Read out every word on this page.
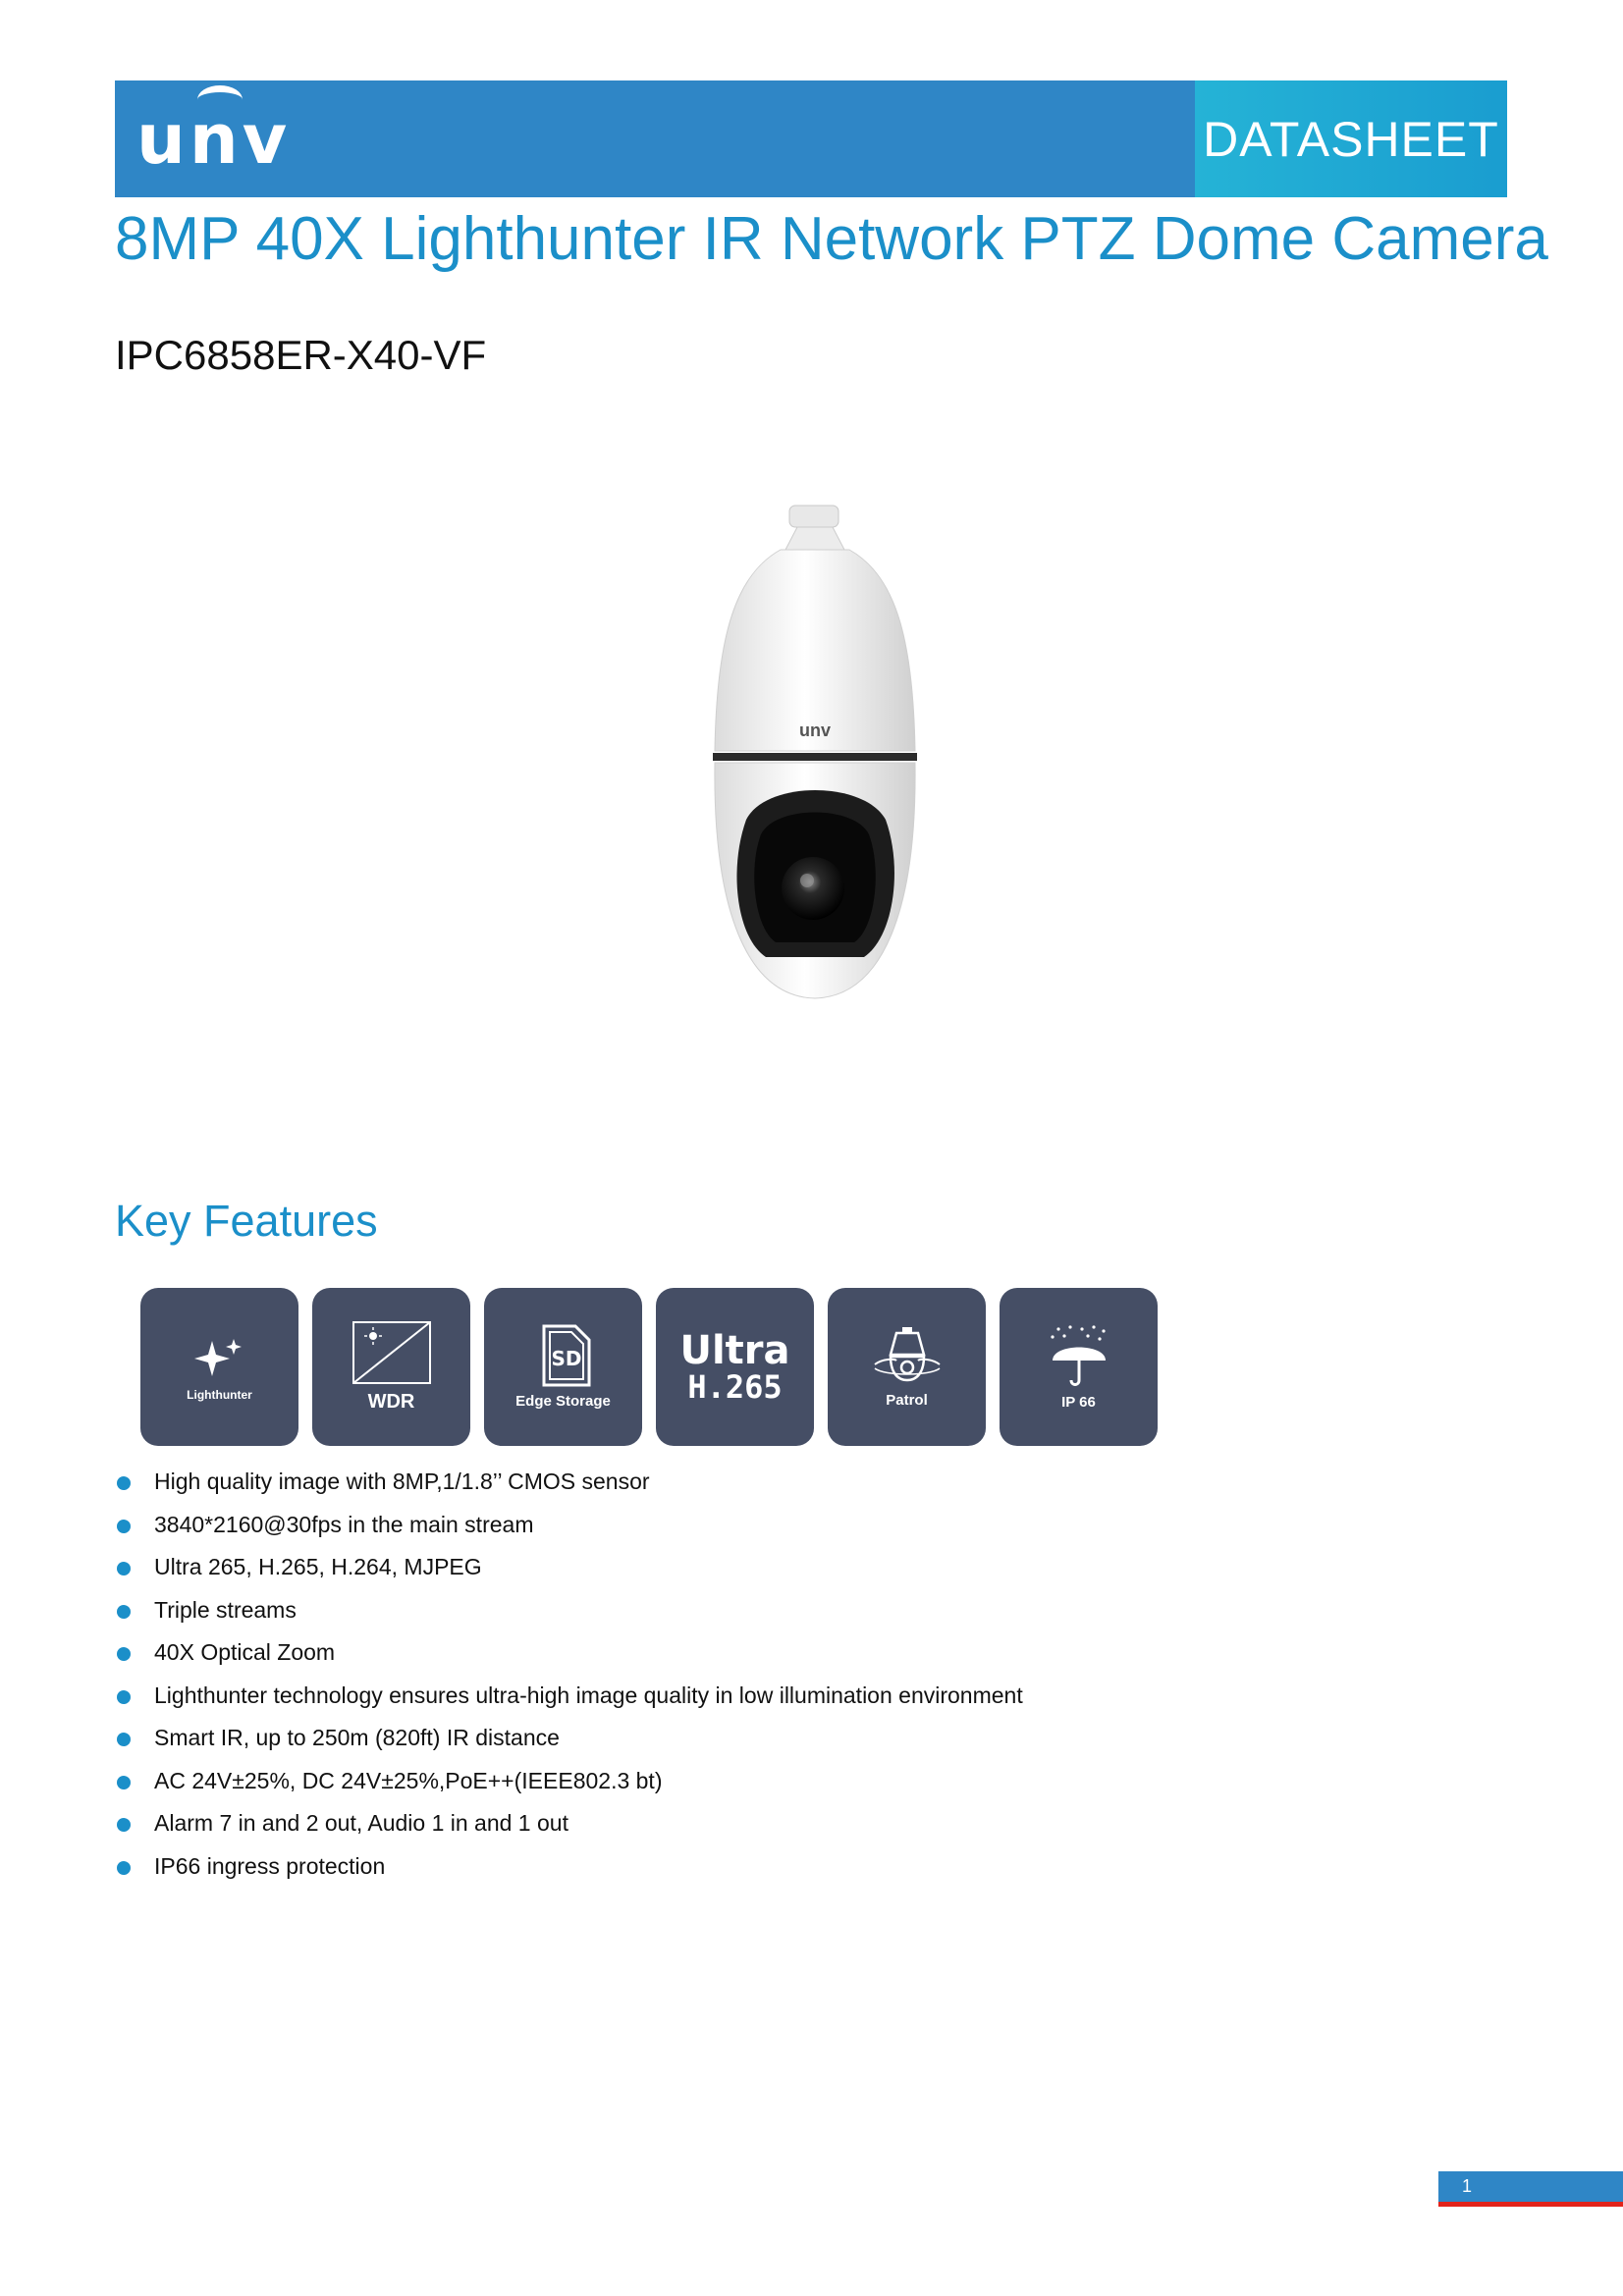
unv	DATASHEET
8MP 40X Lighthunter IR Network PTZ Dome Camera
IPC6858ER-X40-VF
unv
Key Features
Lighthunter	WDR
SD
Edge Storage
Ultra
H.265	Patrol	IP 66
High quality image with 8MP,1/1.8’’ CMOS sensor
3840*2160@30fps in the main stream
Ultra 265, H.265, H.264, MJPEG
Triple streams
40X Optical Zoom
Lighthunter technology ensures ultra-high image quality in low illumination environment
Smart IR, up to 250m (820ft) IR distance
AC 24V±25%, DC 24V±25%,PoE++(IEEE802.3 bt)
Alarm 7 in and 2 out, Audio 1 in and 1 out
IP66 ingress protection
1
